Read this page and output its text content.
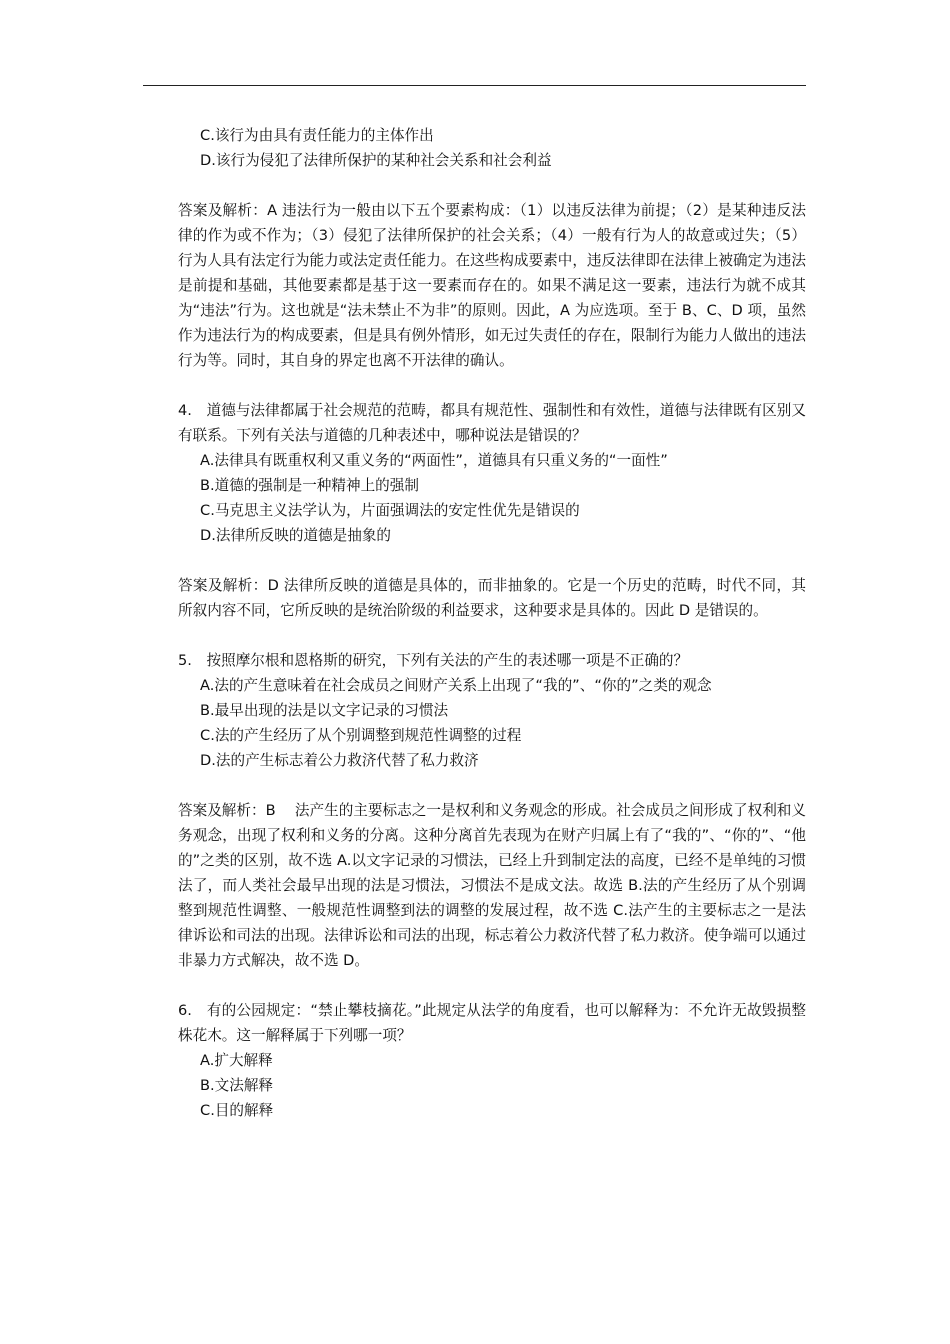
C.该行为由具有责任能力的主体作出
D.该行为侵犯了法律所保护的某种社会关系和社会利益
答案及解析：A 违法行为一般由以下五个要素构成：（1）以违反法律为前提；（2）是某种违反法律的作为或不作为；（3）侵犯了法律所保护的社会关系；（4）一般有行为人的故意或过失；（5）行为人具有法定行为能力或法定责任能力。在这些构成要素中，违反法律即在法律上被确定为违法是前提和基础，其他要素都是基于这一要素而存在的。如果不满足这一要素，违法行为就不成其为“违法”行为。这也就是“法未禁止不为非”的原则。因此，A 为应选项。至于 B、C、D 项，虽然作为违法行为的构成要素，但是具有例外情形，如无过失责任的存在，限制行为能力人做出的违法行为等。同时，其自身的界定也离不开法律的确认。
4.　道德与法律都属于社会规范的范畴，都具有规范性、强制性和有效性，道德与法律既有区别又有联系。下列有关法与道德的几种表述中，哪种说法是错误的？
A.法律具有既重权利又重义务的“两面性”，道德具有只重义务的“一面性”
B.道德的强制是一种精神上的强制
C.马克思主义法学认为，片面强调法的安定性优先是错误的
D.法律所反映的道德是抽象的
答案及解析：D 法律所反映的道德是具体的，而非抽象的。它是一个历史的范畴，时代不同，其所叙内容不同，它所反映的是统治阶级的利益要求，这种要求是具体的。因此 D 是错误的。
5.　按照摩尔根和恩格斯的研究，下列有关法的产生的表述哪一项是不正确的？
A.法的产生意味着在社会成员之间财产关系上出现了“我的”、“你的”之类的观念
B.最早出现的法是以文字记录的习惯法
C.法的产生经历了从个别调整到规范性调整的过程
D.法的产生标志着公力救济代替了私力救济
答案及解析：B　 法产生的主要标志之一是权利和义务观念的形成。社会成员之间形成了权利和义务观念，出现了权利和义务的分离。这种分离首先表现为在财产归属上有了“我的”、“你的”、“他的”之类的区别，故不选 A.以文字记录的习惯法，已经上升到制定法的高度，已经不是单纯的习惯法了，而人类社会最早出现的法是习惯法，习惯法不是成文法。故选 B.法的产生经历了从个别调整到规范性调整、一般规范性调整到法的调整的发展过程，故不选 C.法产生的主要标志之一是法律诉讼和司法的出现。法律诉讼和司法的出现，标志着公力救济代替了私力救济。使争端可以通过非暴力方式解决，故不选 D。
6.　有的公园规定：“禁止攀枝摘花。”此规定从法学的角度看，也可以解释为：不允许无故毁损整株花木。这一解释属于下列哪一项？
A.扩大解释
B.文法解释
C.目的解释
